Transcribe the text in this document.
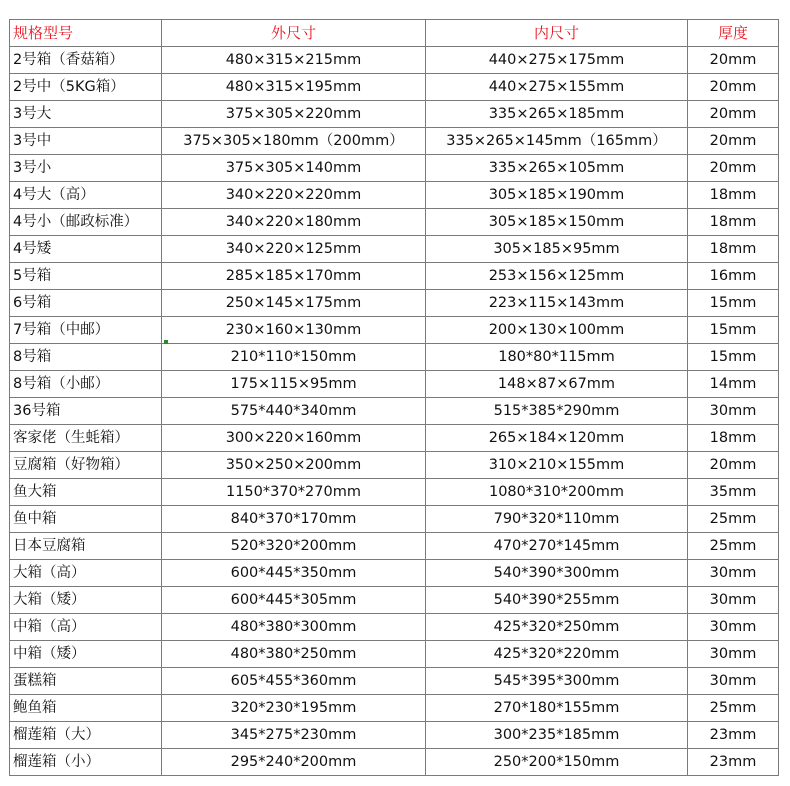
规格型号	外尺寸	内尺寸	厚度
2号箱（香菇箱）	480×315×215mm	440×275×175mm	20mm
2号中（5KG箱）	480×315×195mm	440×275×155mm	20mm
3号大	375×305×220mm	335×265×185mm	20mm
3号中	375×305×180mm（200mm）	335×265×145mm（165mm）	20mm
3号小	375×305×140mm	335×265×105mm	20mm
4号大（高）	340×220×220mm	305×185×190mm	18mm
4号小（邮政标准）	340×220×180mm	305×185×150mm	18mm
4号矮	340×220×125mm	305×185×95mm	18mm
5号箱	285×185×170mm	253×156×125mm	16mm
6号箱	250×145×175mm	223×115×143mm	15mm
7号箱（中邮）	230×160×130mm	200×130×100mm	15mm
8号箱	210*110*150mm	180*80*115mm	15mm
8号箱（小邮）	175×115×95mm	148×87×67mm	14mm
36号箱	575*440*340mm	515*385*290mm	30mm
客家佬（生蚝箱）	300×220×160mm	265×184×120mm	18mm
豆腐箱（好物箱）	350×250×200mm	310×210×155mm	20mm
鱼大箱	1150*370*270mm	1080*310*200mm	35mm
鱼中箱	840*370*170mm	790*320*110mm	25mm
日本豆腐箱	520*320*200mm	470*270*145mm	25mm
大箱（高）	600*445*350mm	540*390*300mm	30mm
大箱（矮）	600*445*305mm	540*390*255mm	30mm
中箱（高）	480*380*300mm	425*320*250mm	30mm
中箱（矮）	480*380*250mm	425*320*220mm	30mm
蛋糕箱	605*455*360mm	545*395*300mm	30mm
鲍鱼箱	320*230*195mm	270*180*155mm	25mm
榴莲箱（大）	345*275*230mm	300*235*185mm	23mm
榴莲箱（小）	295*240*200mm	250*200*150mm	23mm
